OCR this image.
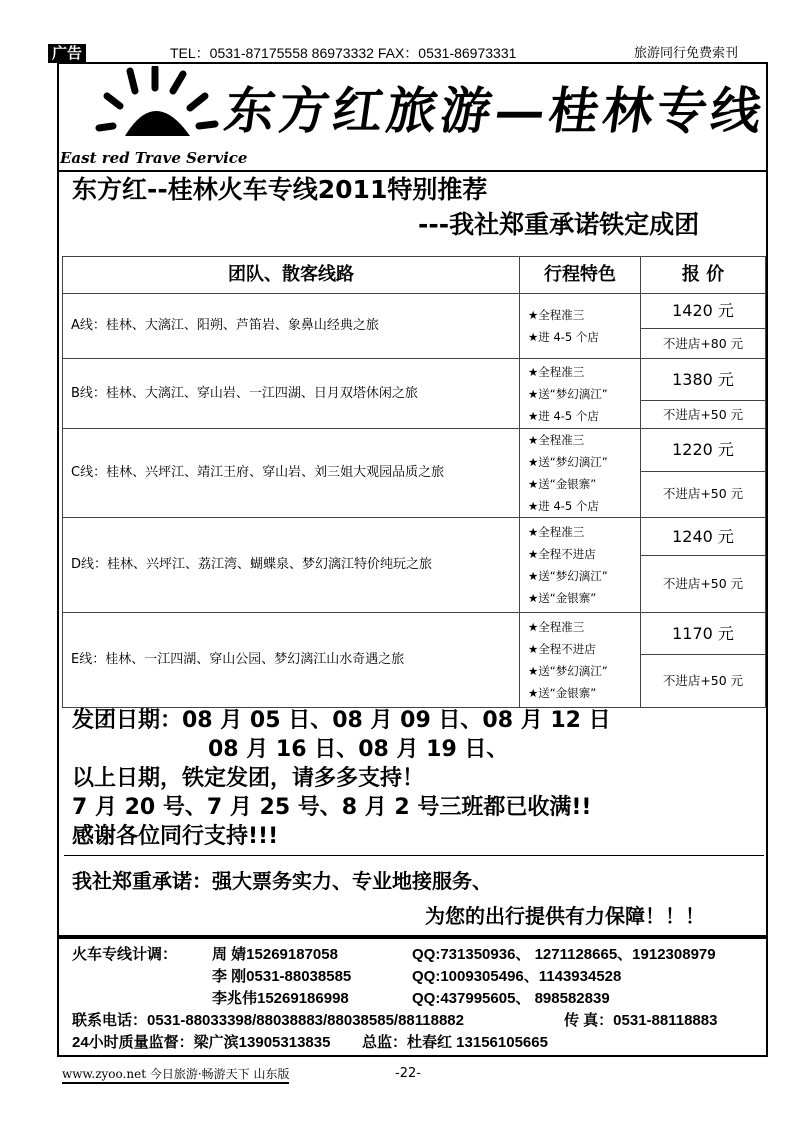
广告	TEL：0531-87175558 86973332 FAX：0531-86973331	旅游同行免费索刊
东方红旅游—桂林专线
East red Trave Service
东方红--桂林火车专线2011特别推荐
---我社郑重承诺铁定成团
团队、散客线路	行程特色	报 价
A线：桂林、大漓江、阳朔、芦笛岩、象鼻山经典之旅	★全程准三
★进 4-5 个店	1420 元
		不进店+80 元
B线：桂林、大漓江、穿山岩、一江四湖、日月双塔休闲之旅	★全程准三
★送“梦幻漓江”
★进 4-5 个店	1380 元
		不进店+50 元
C线：桂林、兴坪江、靖江王府、穿山岩、刘三姐大观园品质之旅	★全程准三
★送“梦幻漓江”
★送“金银寨”
★进 4-5 个店	1220 元
		不进店+50 元
D线：桂林、兴坪江、荔江湾、蝴蝶泉、梦幻漓江特价纯玩之旅	★全程准三
★全程不进店
★送“梦幻漓江”
★送“金银寨”	1240 元
		不进店+50 元
E线：桂林、一江四湖、穿山公园、梦幻漓江山水奇遇之旅	★全程准三
★全程不进店
★送“梦幻漓江”
★送“金银寨”	1170 元
		不进店+50 元
发团日期：08 月 05 日、08 月 09 日、08 月 12 日
08 月 16 日、08 月 19 日、
以上日期，铁定发团，请多多支持！
7 月 20 号、7 月 25 号、8 月 2 号三班都已收满!!
感谢各位同行支持!!!
我社郑重承诺：强大票务实力、专业地接服务、
为您的出行提供有力保障！！！
火车专线计调： 周 婧15269187058	QQ:731350936、 1271128665、1912308979
李 刚0531-88038585	QQ:1009305496、1143934528
李兆伟15269186998	QQ:437995605、 898582839
联系电话：0531-88033398/88038883/88038585/88118882	传 真：0531-88118883
24小时质量监督：梁广滨13905313835 总监：杜春红 13156105665
www.zyoo.net 今日旅游·畅游天下 山东版	-22-
